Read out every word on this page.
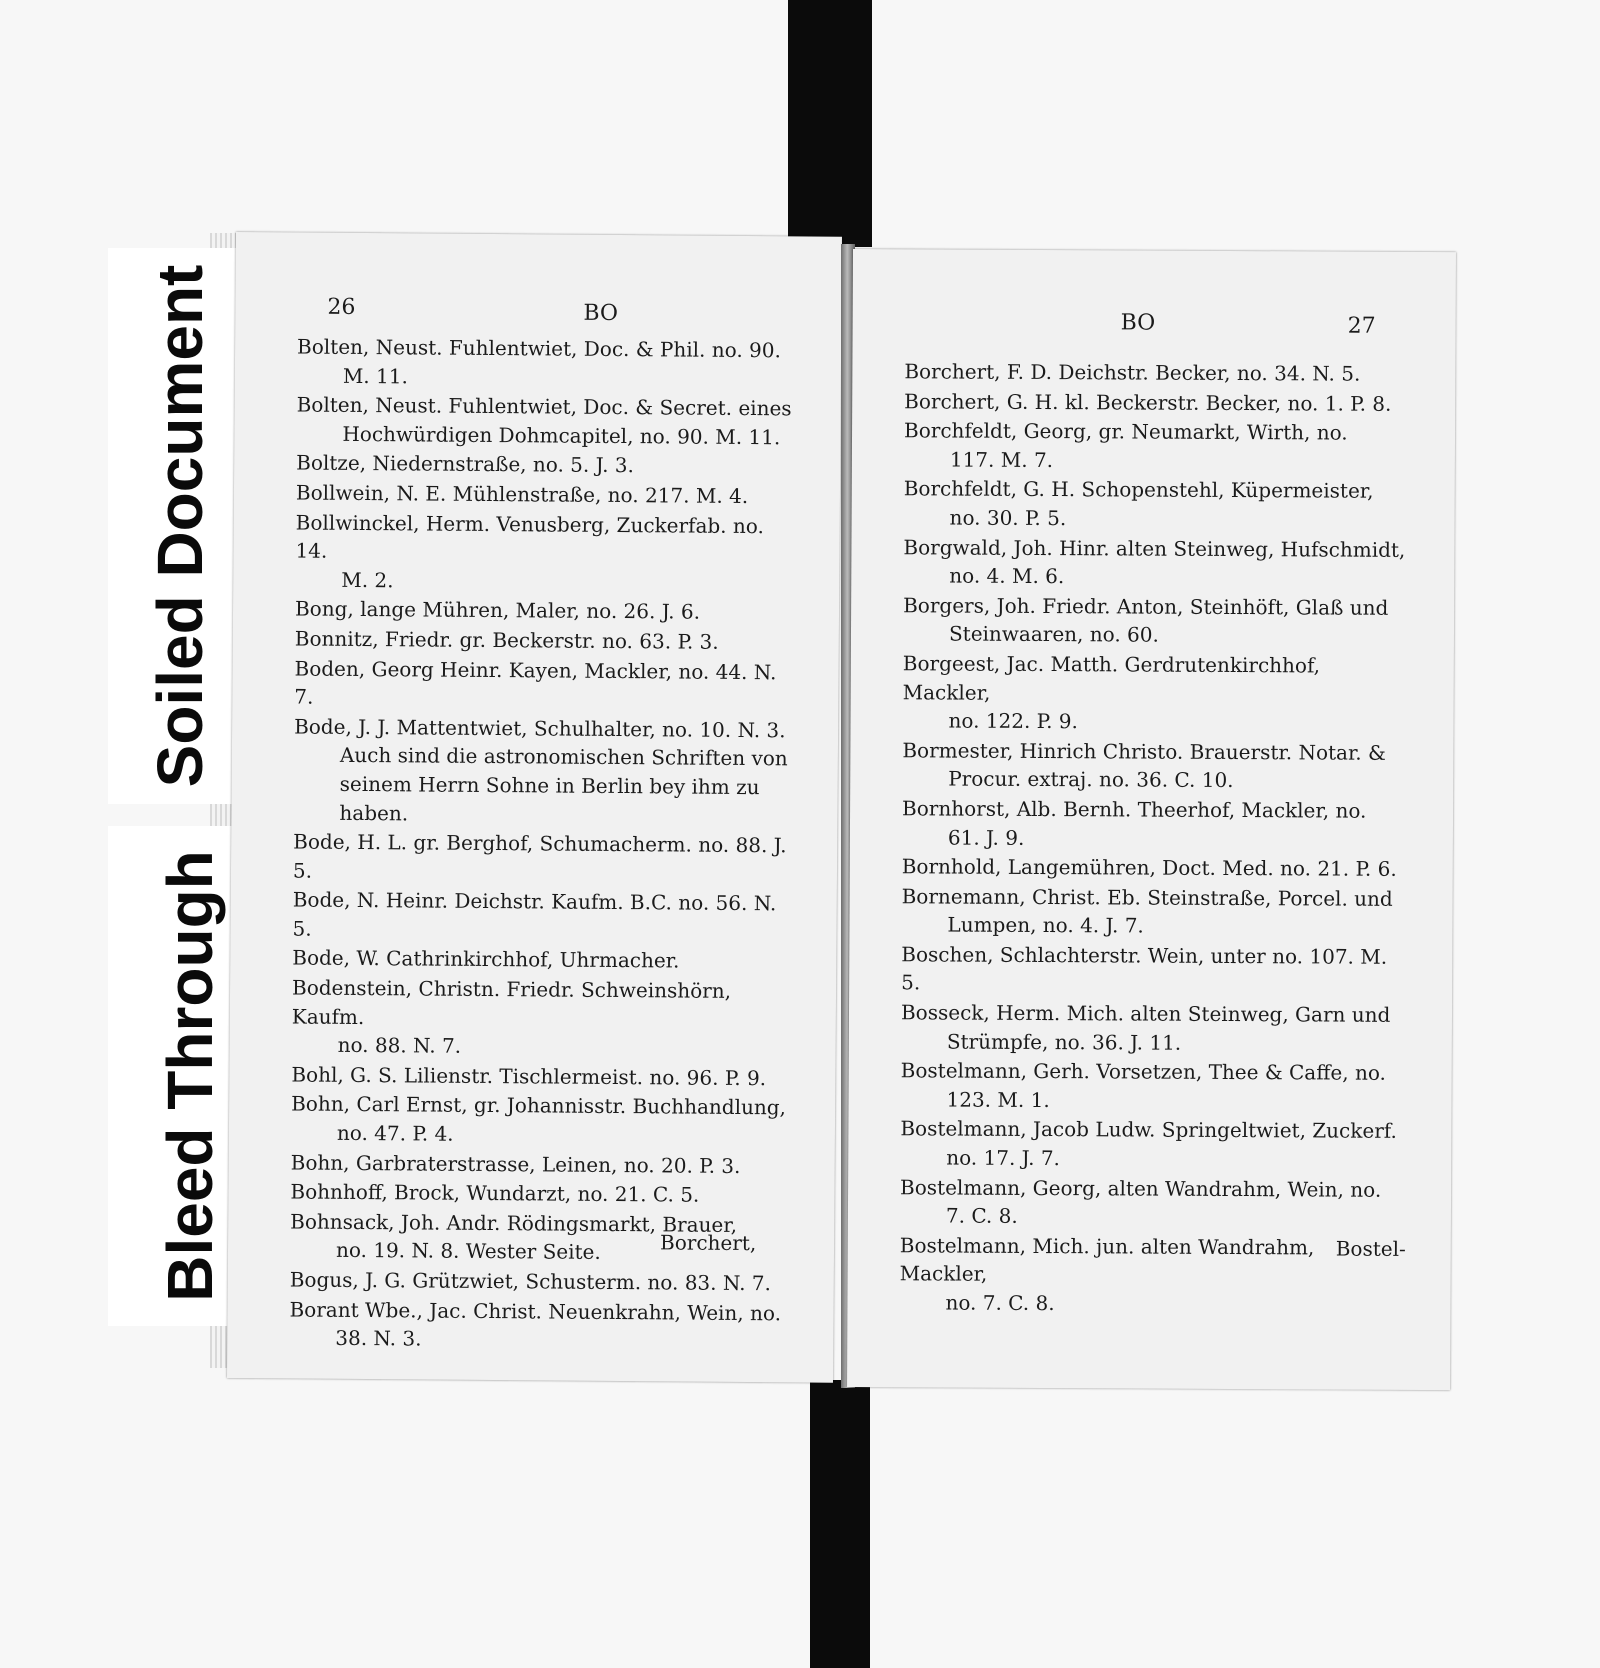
Soiled Document
Bleed Through
26	BO
Bolten, Neust. Fuhlentwiet, Doc. & Phil. no. 90.
M. 11.
Bolten, Neust. Fuhlentwiet, Doc. & Secret. eines
Hochwürdigen Dohmcapitel, no. 90. M. 11.
Boltze, Niedernstraße, no. 5. J. 3.
Bollwein, N. E. Mühlenstraße, no. 217. M. 4.
Bollwinckel, Herm. Venusberg, Zuckerfab. no. 14.
M. 2.
Bong, lange Mühren, Maler, no. 26. J. 6.
Bonnitz, Friedr. gr. Beckerstr. no. 63. P. 3.
Boden, Georg Heinr. Kayen, Mackler, no. 44. N. 7.
Bode, J. J. Mattentwiet, Schulhalter, no. 10. N. 3.
Auch sind die astronomischen Schriften von seinem Herrn Sohne in Berlin bey ihm zu haben.
Bode, H. L. gr. Berghof, Schumacherm. no. 88. J. 5.
Bode, N. Heinr. Deichstr. Kaufm. B.C. no. 56. N. 5.
Bode, W. Cathrinkirchhof, Uhrmacher.
Bodenstein, Christn. Friedr. Schweinshörn, Kaufm.
no. 88. N. 7.
Bohl, G. S. Lilienstr. Tischlermeist. no. 96. P. 9.
Bohn, Carl Ernst, gr. Johannisstr. Buchhandlung,
no. 47. P. 4.
Bohn, Garbraterstrasse, Leinen, no. 20. P. 3.
Bohnhoff, Brock, Wundarzt, no. 21. C. 5.
Bohnsack, Joh. Andr. Rödingsmarkt, Brauer,
no. 19. N. 8. Wester Seite.
Bogus, J. G. Grützwiet, Schusterm. no. 83. N. 7.
Borant Wbe., Jac. Christ. Neuenkrahn, Wein, no.
38. N. 3.
Borchert,
BO	27
Borchert, F. D. Deichstr. Becker, no. 34. N. 5.
Borchert, G. H. kl. Beckerstr. Becker, no. 1. P. 8.
Borchfeldt, Georg, gr. Neumarkt, Wirth, no.
117. M. 7.
Borchfeldt, G. H. Schopenstehl, Küpermeister,
no. 30. P. 5.
Borgwald, Joh. Hinr. alten Steinweg, Hufschmidt,
no. 4. M. 6.
Borgers, Joh. Friedr. Anton, Steinhöft, Glaß und
Steinwaaren, no. 60.
Borgeest, Jac. Matth. Gerdrutenkirchhof, Mackler,
no. 122. P. 9.
Bormester, Hinrich Christo. Brauerstr. Notar. &
Procur. extraj. no. 36. C. 10.
Bornhorst, Alb. Bernh. Theerhof, Mackler, no.
61. J. 9.
Bornhold, Langemühren, Doct. Med. no. 21. P. 6.
Bornemann, Christ. Eb. Steinstraße, Porcel. und
Lumpen, no. 4. J. 7.
Boschen, Schlachterstr. Wein, unter no. 107. M. 5.
Bosseck, Herm. Mich. alten Steinweg, Garn und
Strümpfe, no. 36. J. 11.
Bostelmann, Gerh. Vorsetzen, Thee & Caffe, no.
123. M. 1.
Bostelmann, Jacob Ludw. Springeltwiet, Zuckerf.
no. 17. J. 7.
Bostelmann, Georg, alten Wandrahm, Wein, no.
7. C. 8.
Bostelmann, Mich. jun. alten Wandrahm, Mackler,
no. 7. C. 8.
Bostel-
